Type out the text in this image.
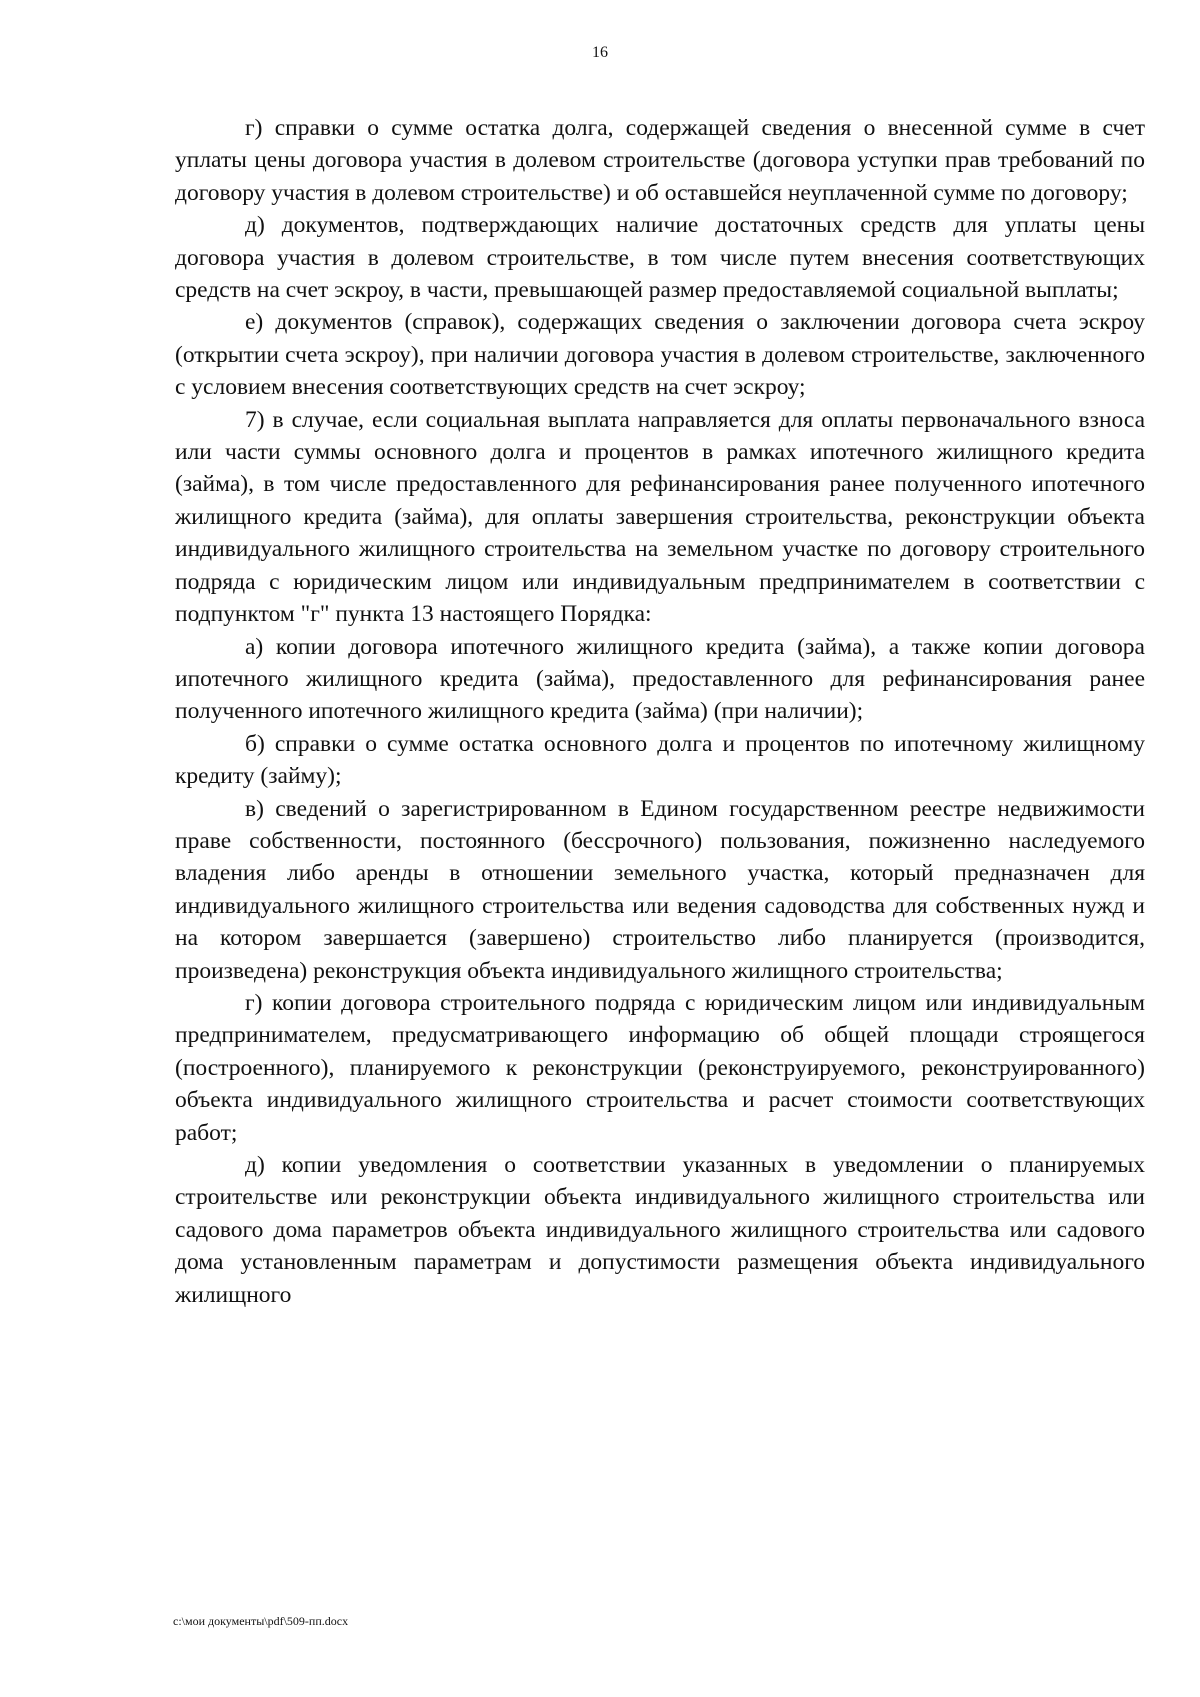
16

г) справки о сумме остатка долга, содержащей сведения о внесенной сумме в счет уплаты цены договора участия в долевом строительстве (договора уступки прав требований по договору участия в долевом строительстве) и об оставшейся неуплаченной сумме по договору;

д) документов, подтверждающих наличие достаточных средств для уплаты цены договора участия в долевом строительстве, в том числе путем внесения соответствующих средств на счет эскроу, в части, превышающей размер предоставляемой социальной выплаты;

е) документов (справок), содержащих сведения о заключении договора счета эскроу (открытии счета эскроу), при наличии договора участия в долевом строительстве, заключенного с условием внесения соответствующих средств на счет эскроу;

7) в случае, если социальная выплата направляется для оплаты первоначального взноса или части суммы основного долга и процентов в рамках ипотечного жилищного кредита (займа), в том числе предоставленного для рефинансирования ранее полученного ипотечного жилищного кредита (займа), для оплаты завершения строительства, реконструкции объекта индивидуального жилищного строительства на земельном участке по договору строительного подряда с юридическим лицом или индивидуальным предпринимателем в соответствии с подпунктом "г" пункта 13 настоящего Порядка:

а) копии договора ипотечного жилищного кредита (займа), а также копии договора ипотечного жилищного кредита (займа), предоставленного для рефинансирования ранее полученного ипотечного жилищного кредита (займа) (при наличии);

б) справки о сумме остатка основного долга и процентов по ипотечному жилищному кредиту (займу);

в) сведений о зарегистрированном в Едином государственном реестре недвижимости праве собственности, постоянного (бессрочного) пользования, пожизненно наследуемого владения либо аренды в отношении земельного участка, который предназначен для индивидуального жилищного строительства или ведения садоводства для собственных нужд и на котором завершается (завершено) строительство либо планируется (производится, произведена) реконструкция объекта индивидуального жилищного строительства;

г) копии договора строительного подряда с юридическим лицом или индивидуальным предпринимателем, предусматривающего информацию об общей площади строящегося (построенного), планируемого к реконструкции (реконструируемого, реконструированного) объекта индивидуального жилищного строительства и расчет стоимости соответствующих работ;

д) копии уведомления о соответствии указанных в уведомлении о планируемых строительстве или реконструкции объекта индивидуального жилищного строительства или садового дома параметров объекта индивидуального жилищного строительства или садового дома установленным параметрам и допустимости размещения объекта индивидуального жилищного

c:\мои документы\pdf\509-пп.docx
